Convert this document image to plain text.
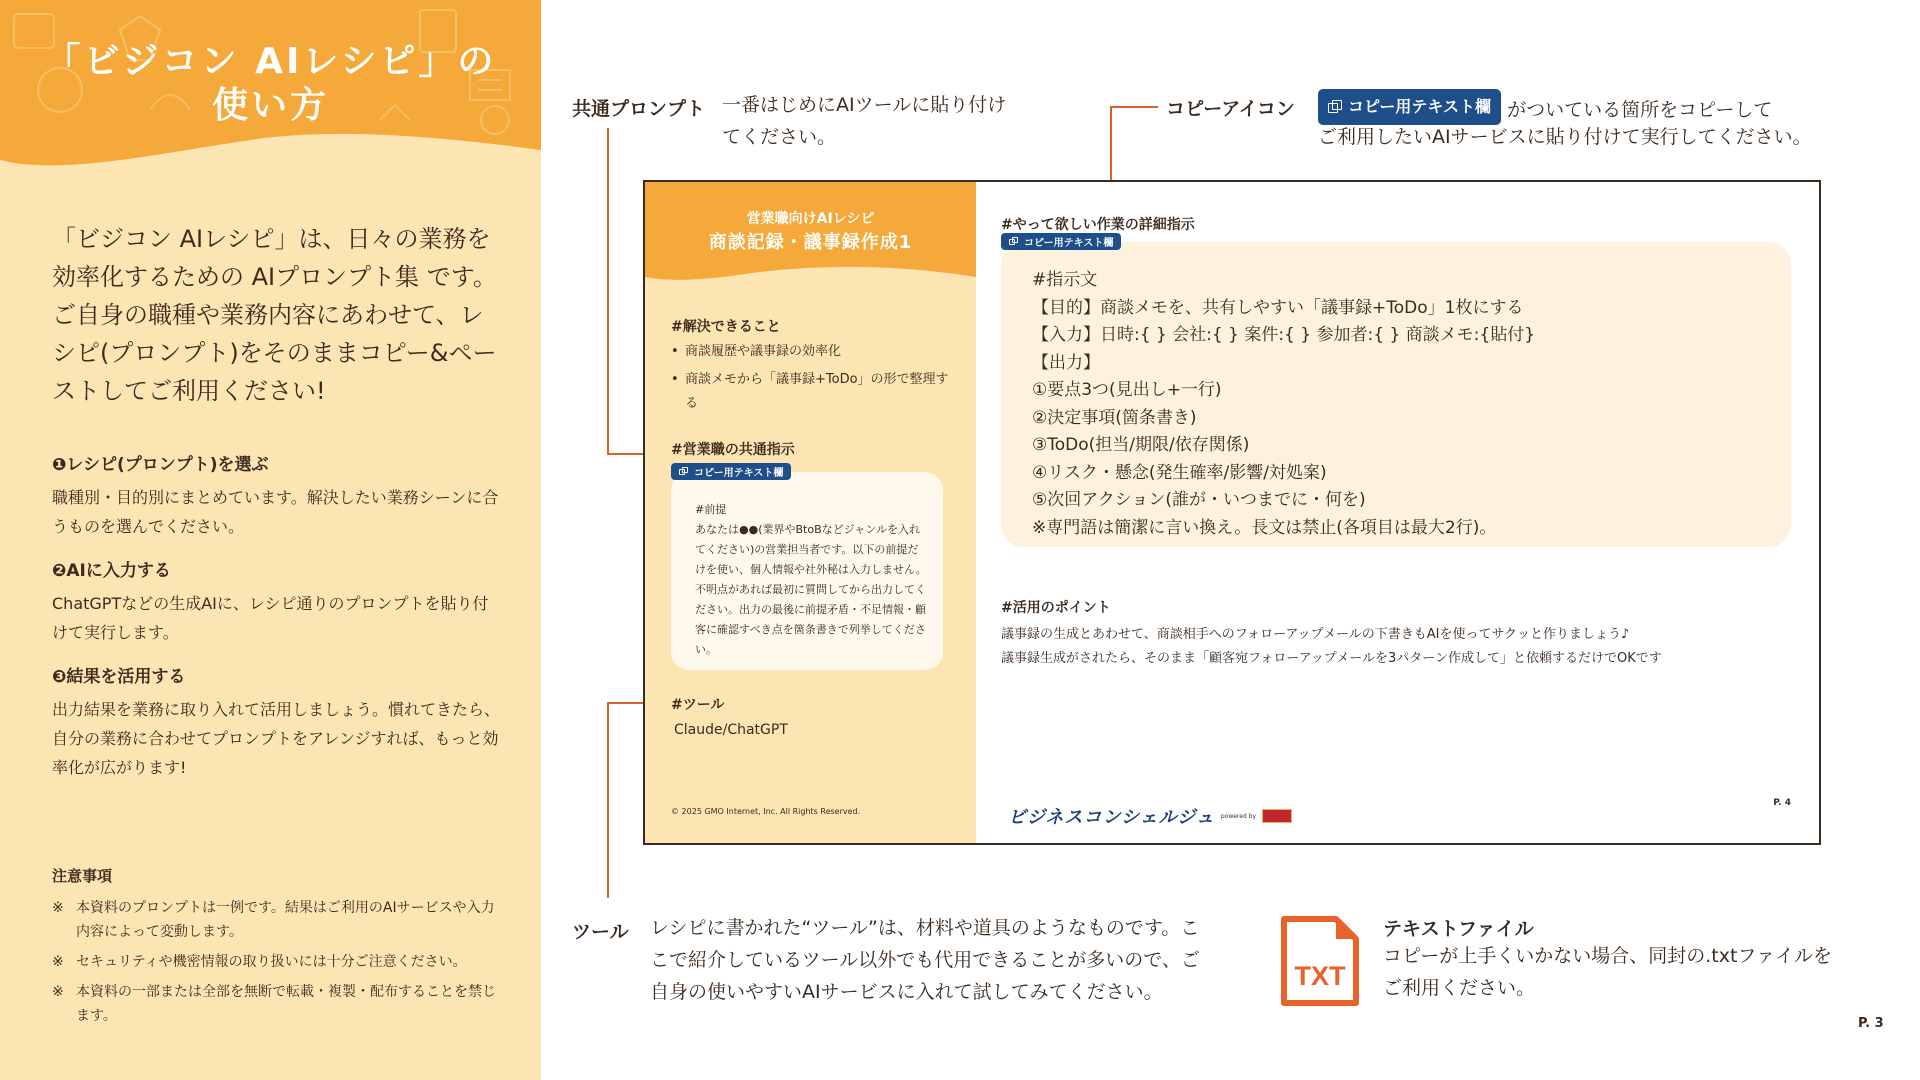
「ビジコン AIレシピ」の
使い方
「ビジコン AIレシピ」は、日々の業務を効率化するための AIプロンプト集 です。ご自身の職種や業務内容にあわせて、レシピ(プロンプト)をそのままコピー&ペーストしてご利用ください!
❶レシピ(プロンプト)を選ぶ

職種別・目的別にまとめています。解決したい業務シーンに合うものを選んでください。

❷AIに入力する

ChatGPTなどの生成AIに、レシピ通りのプロンプトを貼り付けて実行します。

❸結果を活用する

出力結果を業務に取り入れて活用しましょう。慣れてきたら、自分の業務に合わせてプロンプトをアレンジすれば、もっと効率化が広がります!

注意事項
※ 本資料のプロンプトは一例です。結果はご利用のAIサービスや入力内容によって変動します。
※ セキュリティや機密情報の取り扱いには十分ご注意ください。
※ 本資料の一部または全部を無断で転載・複製・配布することを禁じます。
共通プロンプト 一番はじめにAIツールに貼り付けてください。
コピーアイコン	コピー用テキスト欄 がついている箇所をコピーして
ご利用したいAIサービスに貼り付けて実行してください。
ツール レシピに書かれた“ツール”は、材料や道具のようなものです。ここで紹介しているツール以外でも代用できることが多いので、ご自身の使いやすいAIサービスに入れて試してみてください。
テキストファイル
コピーが上手くいかない場合、同封の.txtファイルをご利用ください。
TXT
営業職向けAIレシピ
商談記録・議事録作成1
#解決できること
• 商談履歴や議事録の効率化
• 商談メモから「議事録+ToDo」の形で整理する
#営業職の共通指示
コピー用テキスト欄
#前提
あなたは●●(業界やBtoBなどジャンルを入れてください)の営業担当者です。以下の前提だけを使い、個人情報や社外秘は入力しません。不明点があれば最初に質問してから出力してください。出力の最後に前提矛盾・不足情報・顧客に確認すべき点を箇条書きで列挙してください。
#ツール
Claude/ChatGPT
© 2025 GMO Internet, Inc. All Rights Reserved.
#やって欲しい作業の詳細指示
コピー用テキスト欄
#指示文
【目的】商談メモを、共有しやすい「議事録+ToDo」1枚にする
【入力】日時:{ } 会社:{ } 案件:{ } 参加者:{ } 商談メモ:{貼付}
【出力】
①要点3つ(見出し+一行)
②決定事項(箇条書き)
③ToDo(担当/期限/依存関係)
④リスク・懸念(発生確率/影響/対処案)
⑤次回アクション(誰が・いつまでに・何を)
※専門語は簡潔に言い換え。長文は禁止(各項目は最大2行)。
#活用のポイント
議事録の生成とあわせて、商談相手へのフォローアップメールの下書きもAIを使ってサクッと作りましょう♪
議事録生成がされたら、そのまま「顧客宛フォローアップメールを3パターン作成して」と依頼するだけでOKです
ビジネスコンシェルジュ powered by
P. 4
P. 3
